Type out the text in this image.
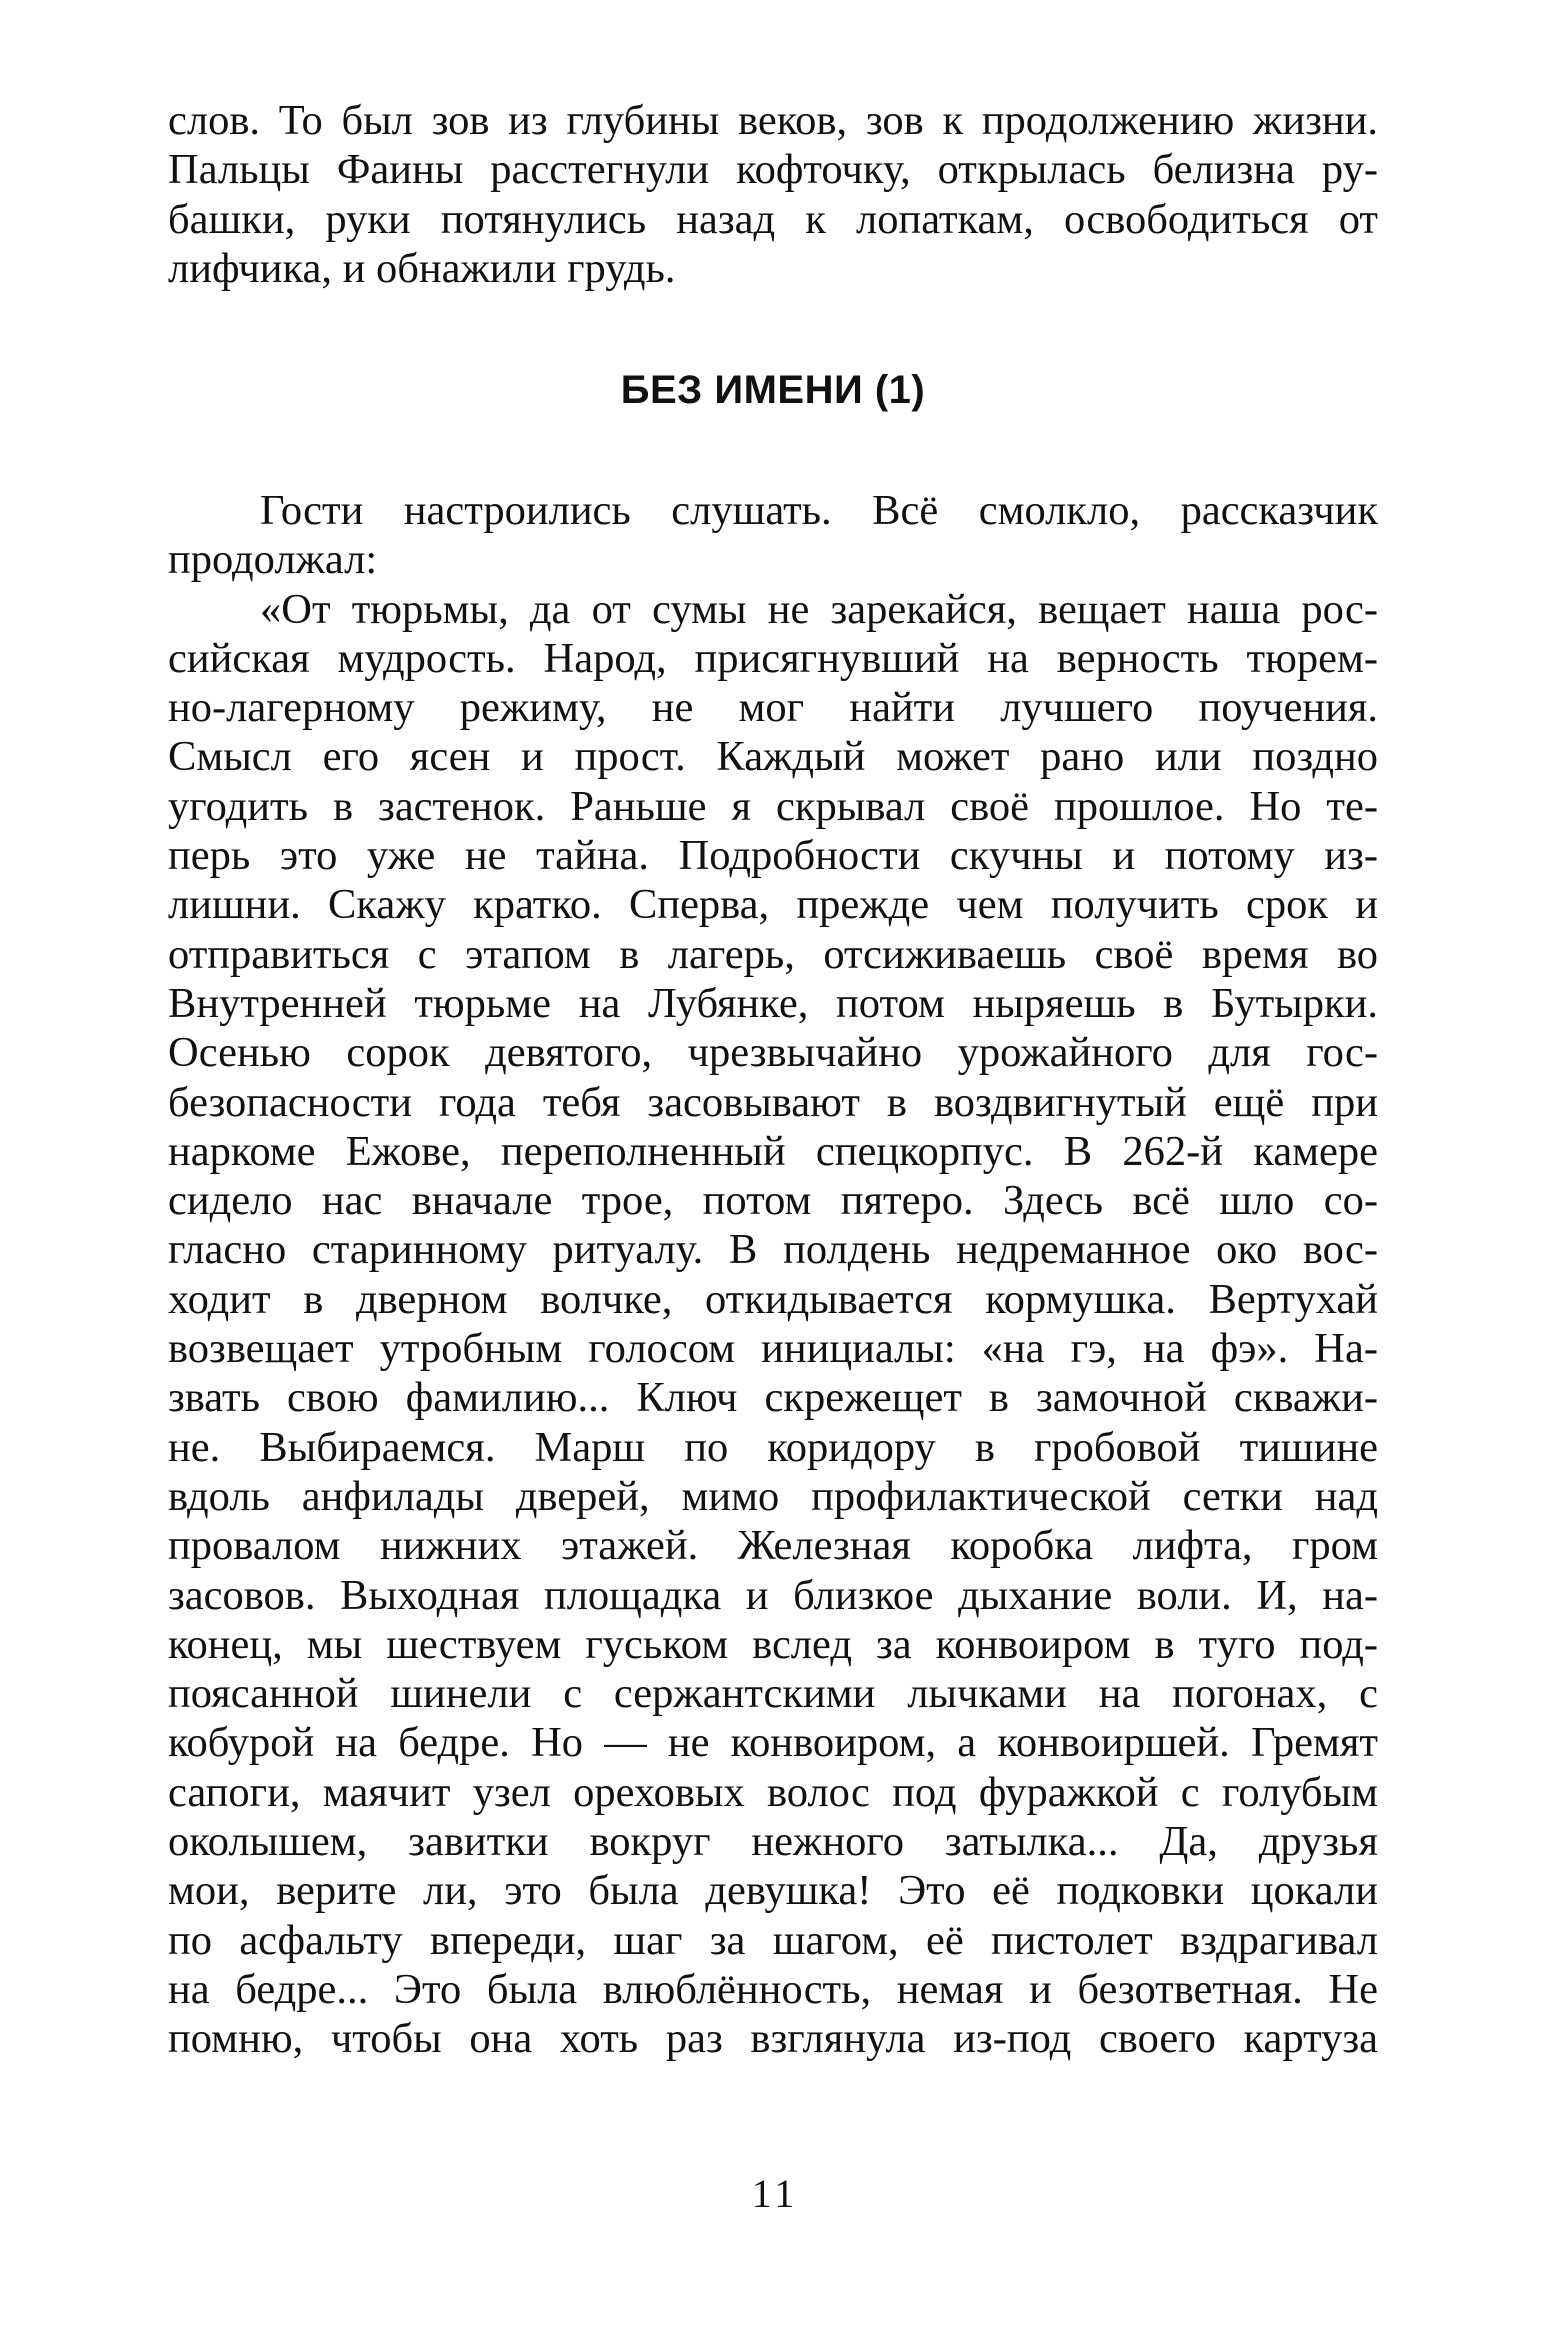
слов. То был зов из глубины веков, зов к продолжению жизни.
Пальцы Фаины расстегнули кофточку, открылась белизна ру-
башки, руки потянулись назад к лопаткам, освободиться от
лифчика, и обнажили грудь.

БЕЗ ИМЕНИ (1)

Гости настроились слушать. Всё смолкло, рассказчик
продолжал:

«От тюрьмы, да от сумы не зарекайся, вещает наша рос-
сийская мудрость. Народ, присягнувший на верность тюрем-
но-лагерному режиму, не мог найти лучшего поучения.
Смысл его ясен и прост. Каждый может рано или поздно
угодить в застенок. Раньше я скрывал своё прошлое. Но те-
перь это уже не тайна. Подробности скучны и потому из-
лишни. Скажу кратко. Сперва, прежде чем получить срок и
отправиться с этапом в лагерь, отсиживаешь своё время во
Внутренней тюрьме на Лубянке, потом ныряешь в Бутырки.
Осенью сорок девятого, чрезвычайно урожайного для гос-
безопасности года тебя засовывают в воздвигнутый ещё при
наркоме Ежове, переполненный спецкорпус. В 262-й камере
сидело нас вначале трое, потом пятеро. Здесь всё шло со-
гласно старинному ритуалу. В полдень недреманное око вос-
ходит в дверном волчке, откидывается кормушка. Вертухай
возвещает утробным голосом инициалы: «на гэ, на фэ». На-
звать свою фамилию... Ключ скрежещет в замочной скважи-
не. Выбираемся. Марш по коридору в гробовой тишине
вдоль анфилады дверей, мимо профилактической сетки над
провалом нижних этажей. Железная коробка лифта, гром
засовов. Выходная площадка и близкое дыхание воли. И, на-
конец, мы шествуем гуськом вслед за конвоиром в туго под-
поясанной шинели с сержантскими лычками на погонах, с
кобурой на бедре. Но — не конвоиром, а конвоиршей. Гремят
сапоги, маячит узел ореховых волос под фуражкой с голубым
околышем, завитки вокруг нежного затылка... Да, друзья
мои, верите ли, это была девушка! Это её подковки цокали
по асфальту впереди, шаг за шагом, её пистолет вздрагивал
на бедре... Это была влюблённость, немая и безответная. Не
помню, чтобы она хоть раз взглянула из-под своего картуза

11
